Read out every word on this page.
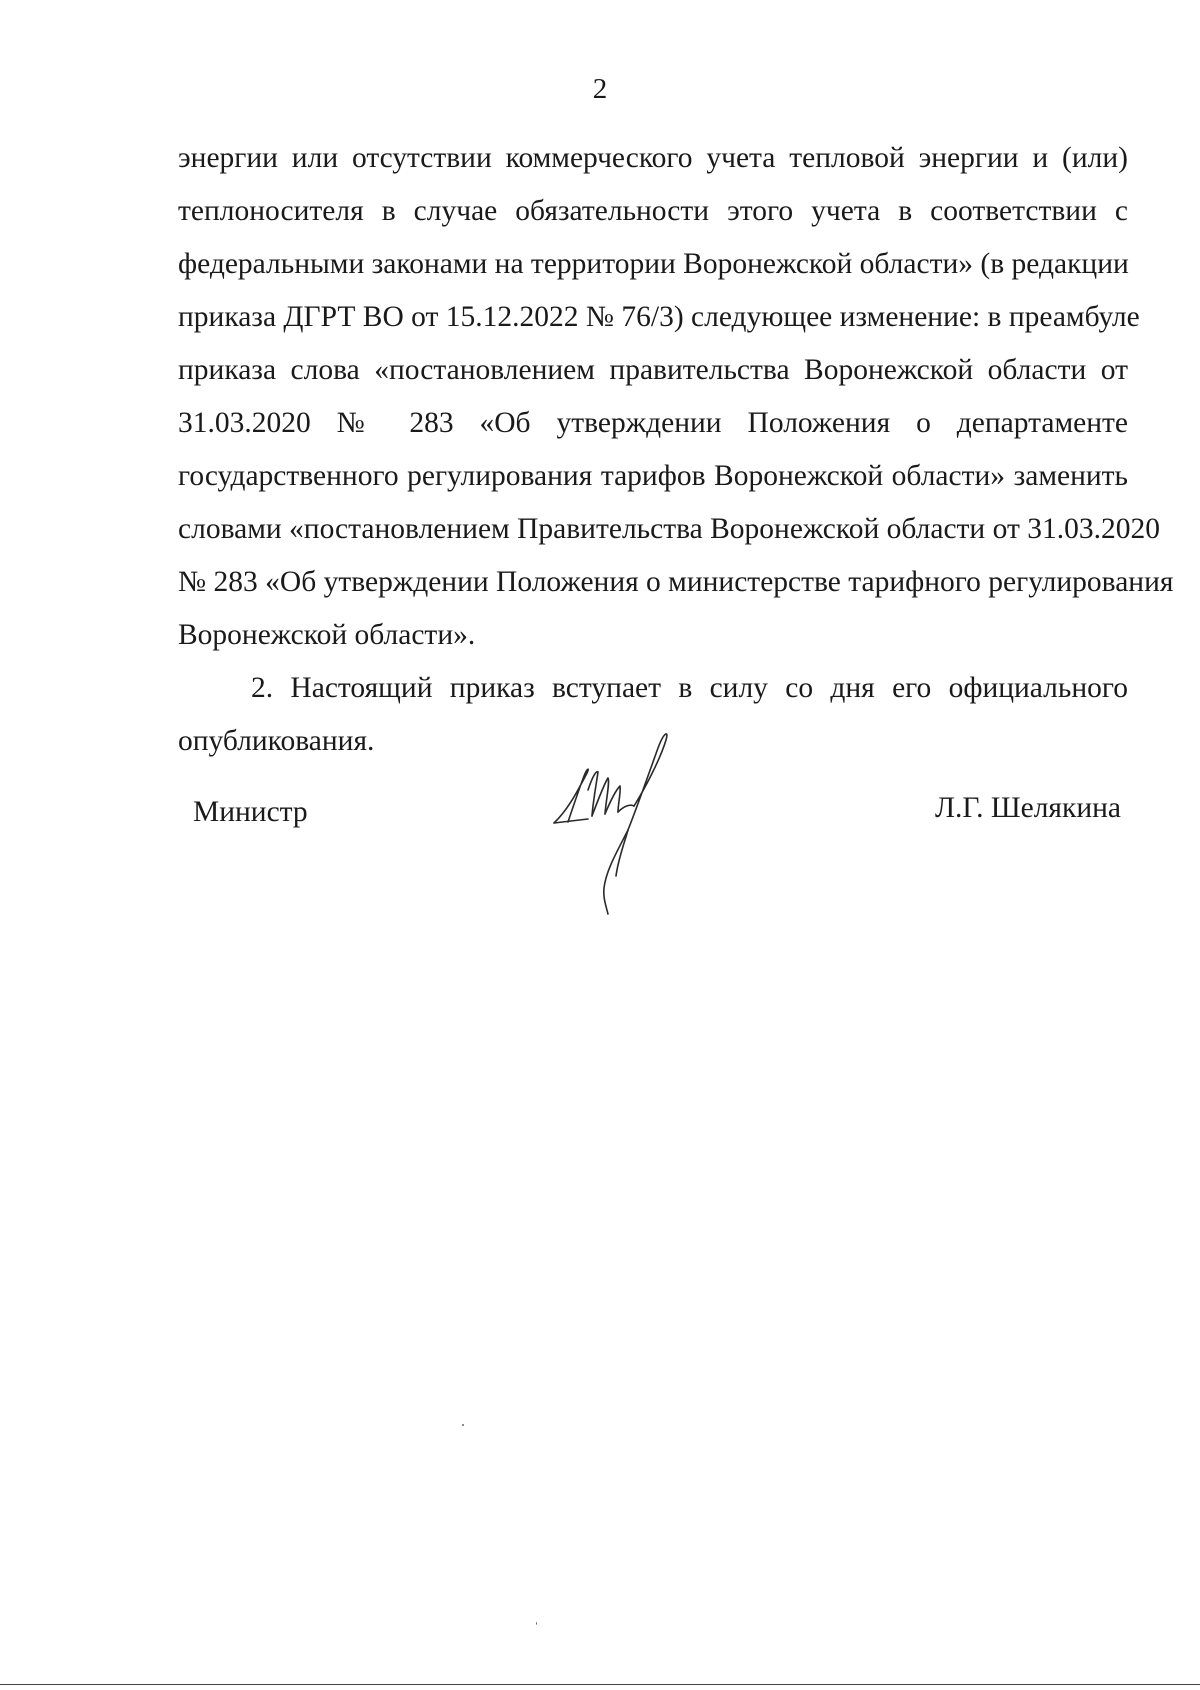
2
энергии или отсутствии коммерческого учета тепловой энергии и (или)
теплоносителя в случае обязательности этого учета в соответствии с
федеральными законами на территории Воронежской области» (в редакции
приказа ДГРТ ВО от 15.12.2022 № 76/3) следующее изменение: в преамбуле
приказа слова «постановлением правительства Воронежской области от
31.03.2020 № 283 «Об утверждении Положения о департаменте
государственного регулирования тарифов Воронежской области» заменить
словами «постановлением Правительства Воронежской области от 31.03.2020
№ 283 «Об утверждении Положения о министерстве тарифного регулирования
Воронежской области».
2. Настоящий приказ вступает в силу со дня его официального
опубликования.
Министр	Л.Г. Шелякина
